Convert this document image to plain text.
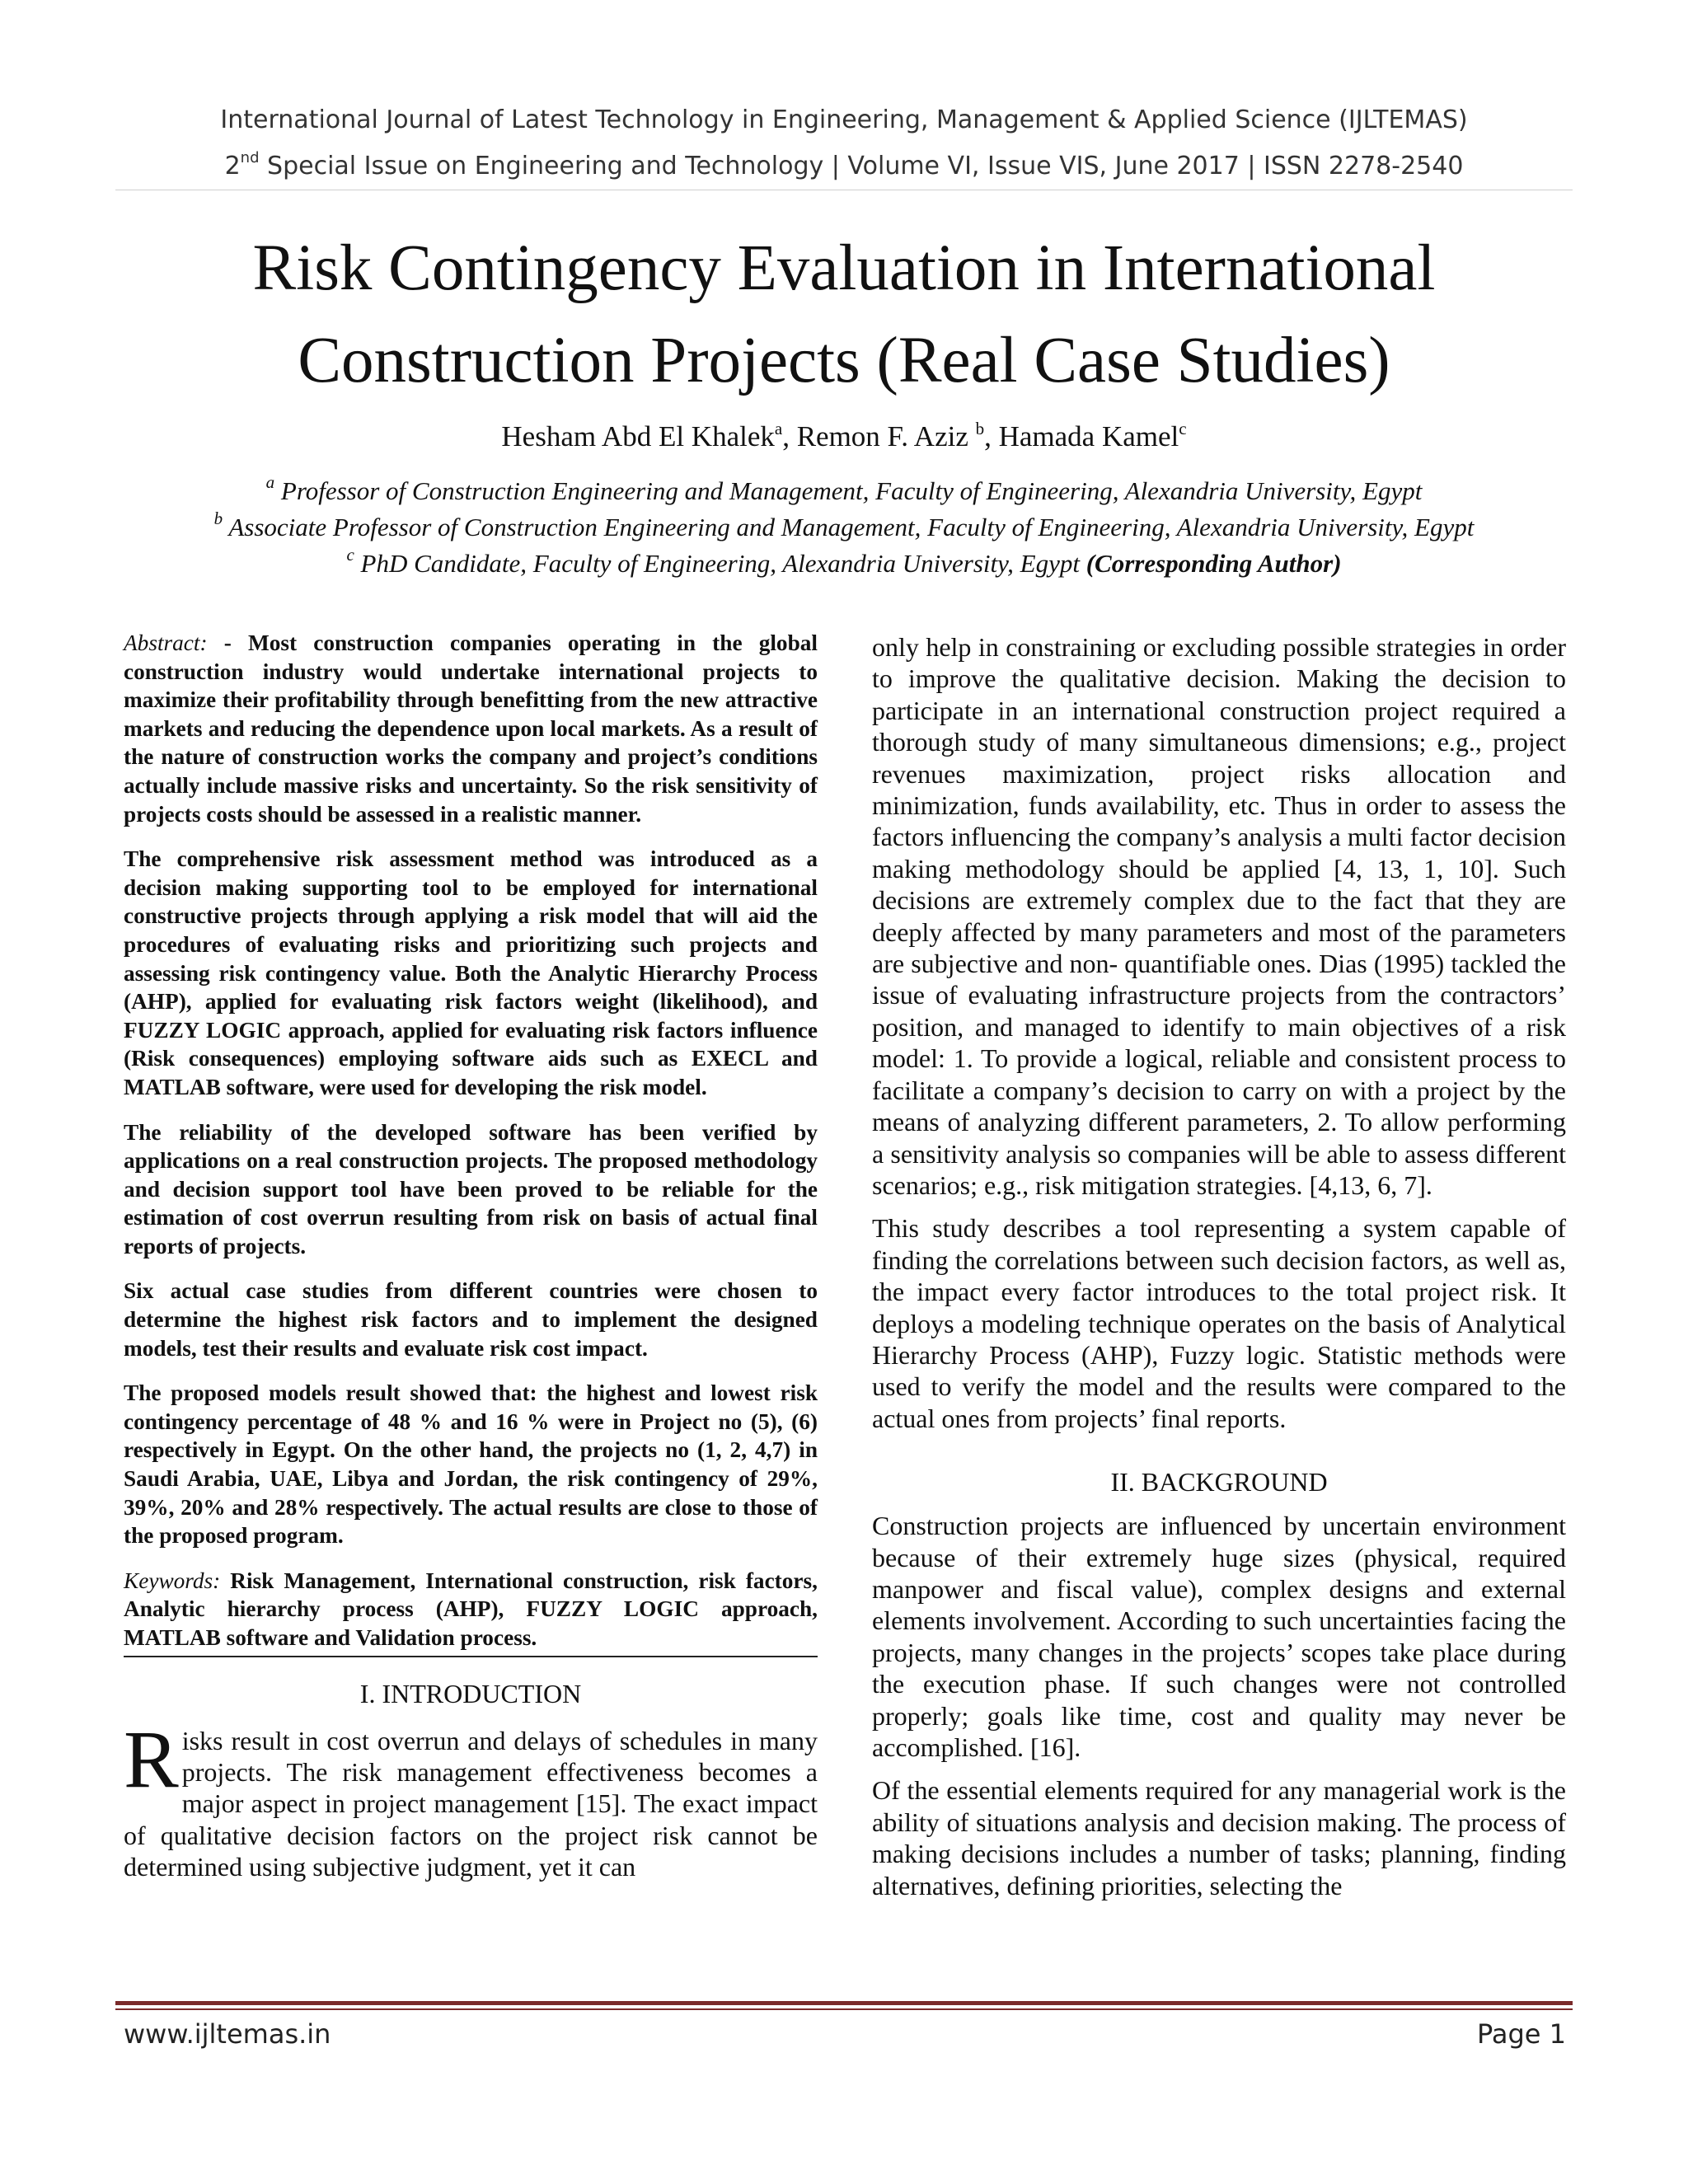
International Journal of Latest Technology in Engineering, Management & Applied Science (IJLTEMAS)
2nd Special Issue on Engineering and Technology | Volume VI, Issue VIS, June 2017 | ISSN 2278-2540
Risk Contingency Evaluation in International
Construction Projects (Real Case Studies)
Hesham Abd El Khalek$^a$, Remon F. Aziz $^b$, Hamada Kamel$^c$
$^a$ Professor of Construction Engineering and Management, Faculty of Engineering, Alexandria University, Egypt
$^b$ Associate Professor of Construction Engineering and Management, Faculty of Engineering, Alexandria University, Egypt
$^c$ PhD Candidate, Faculty of Engineering, Alexandria University, Egypt (Corresponding Author)

Abstract: - Most construction companies operating in the global construction industry would undertake international projects to maximize their profitability through benefitting from the new attractive markets and reducing the dependence upon local markets. As a result of the nature of construction works the company and project’s conditions actually include massive risks and uncertainty. So the risk sensitivity of projects costs should be assessed in a realistic manner.

The comprehensive risk assessment method was introduced as a decision making supporting tool to be employed for international constructive projects through applying a risk model that will aid the procedures of evaluating risks and prioritizing such projects and assessing risk contingency value. Both the Analytic Hierarchy Process (AHP), applied for evaluating risk factors weight (likelihood), and FUZZY LOGIC approach, applied for evaluating risk factors influence (Risk consequences) employing software aids such as EXECL and MATLAB software, were used for developing the risk model.

The reliability of the developed software has been verified by applications on a real construction projects. The proposed methodology and decision support tool have been proved to be reliable for the estimation of cost overrun resulting from risk on basis of actual final reports of projects.

Six actual case studies from different countries were chosen to determine the highest risk factors and to implement the designed models, test their results and evaluate risk cost impact.

The proposed models result showed that: the highest and lowest risk contingency percentage of 48 % and 16 % were in Project no (5), (6) respectively in Egypt. On the other hand, the projects no (1, 2, 4,7) in Saudi Arabia, UAE, Libya and Jordan, the risk contingency of 29%, 39%, 20% and 28% respectively. The actual results are close to those of the proposed program.

Keywords: Risk Management, International construction, risk factors, Analytic hierarchy process (AHP), FUZZY LOGIC approach, MATLAB software and Validation process.

I. INTRODUCTION

Risks result in cost overrun and delays of schedules in many projects. The risk management effectiveness becomes a major aspect in project management [15]. The exact impact of qualitative decision factors on the project risk cannot be determined using subjective judgment, yet it can

only help in constraining or excluding possible strategies in order to improve the qualitative decision. Making the decision to participate in an international construction project required a thorough study of many simultaneous dimensions; e.g., project revenues maximization, project risks allocation and minimization, funds availability, etc. Thus in order to assess the factors influencing the company’s analysis a multi factor decision making methodology should be applied [4, 13, 1, 10]. Such decisions are extremely complex due to the fact that they are deeply affected by many parameters and most of the parameters are subjective and non- quantifiable ones. Dias (1995) tackled the issue of evaluating infrastructure projects from the contractors’ position, and managed to identify to main objectives of a risk model: 1. To provide a logical, reliable and consistent process to facilitate a company’s decision to carry on with a project by the means of analyzing different parameters, 2. To allow performing a sensitivity analysis so companies will be able to assess different scenarios; e.g., risk mitigation strategies. [4,13, 6, 7].

This study describes a tool representing a system capable of finding the correlations between such decision factors, as well as, the impact every factor introduces to the total project risk. It deploys a modeling technique operates on the basis of Analytical Hierarchy Process (AHP), Fuzzy logic. Statistic methods were used to verify the model and the results were compared to the actual ones from projects’ final reports.

II. BACKGROUND

Construction projects are influenced by uncertain environment because of their extremely huge sizes (physical, required manpower and fiscal value), complex designs and external elements involvement. According to such uncertainties facing the projects, many changes in the projects’ scopes take place during the execution phase. If such changes were not controlled properly; goals like time, cost and quality may never be accomplished. [16].

Of the essential elements required for any managerial work is the ability of situations analysis and decision making. The process of making decisions includes a number of tasks; planning, finding alternatives, defining priorities, selecting the

www.ijltemas.in	Page 1
